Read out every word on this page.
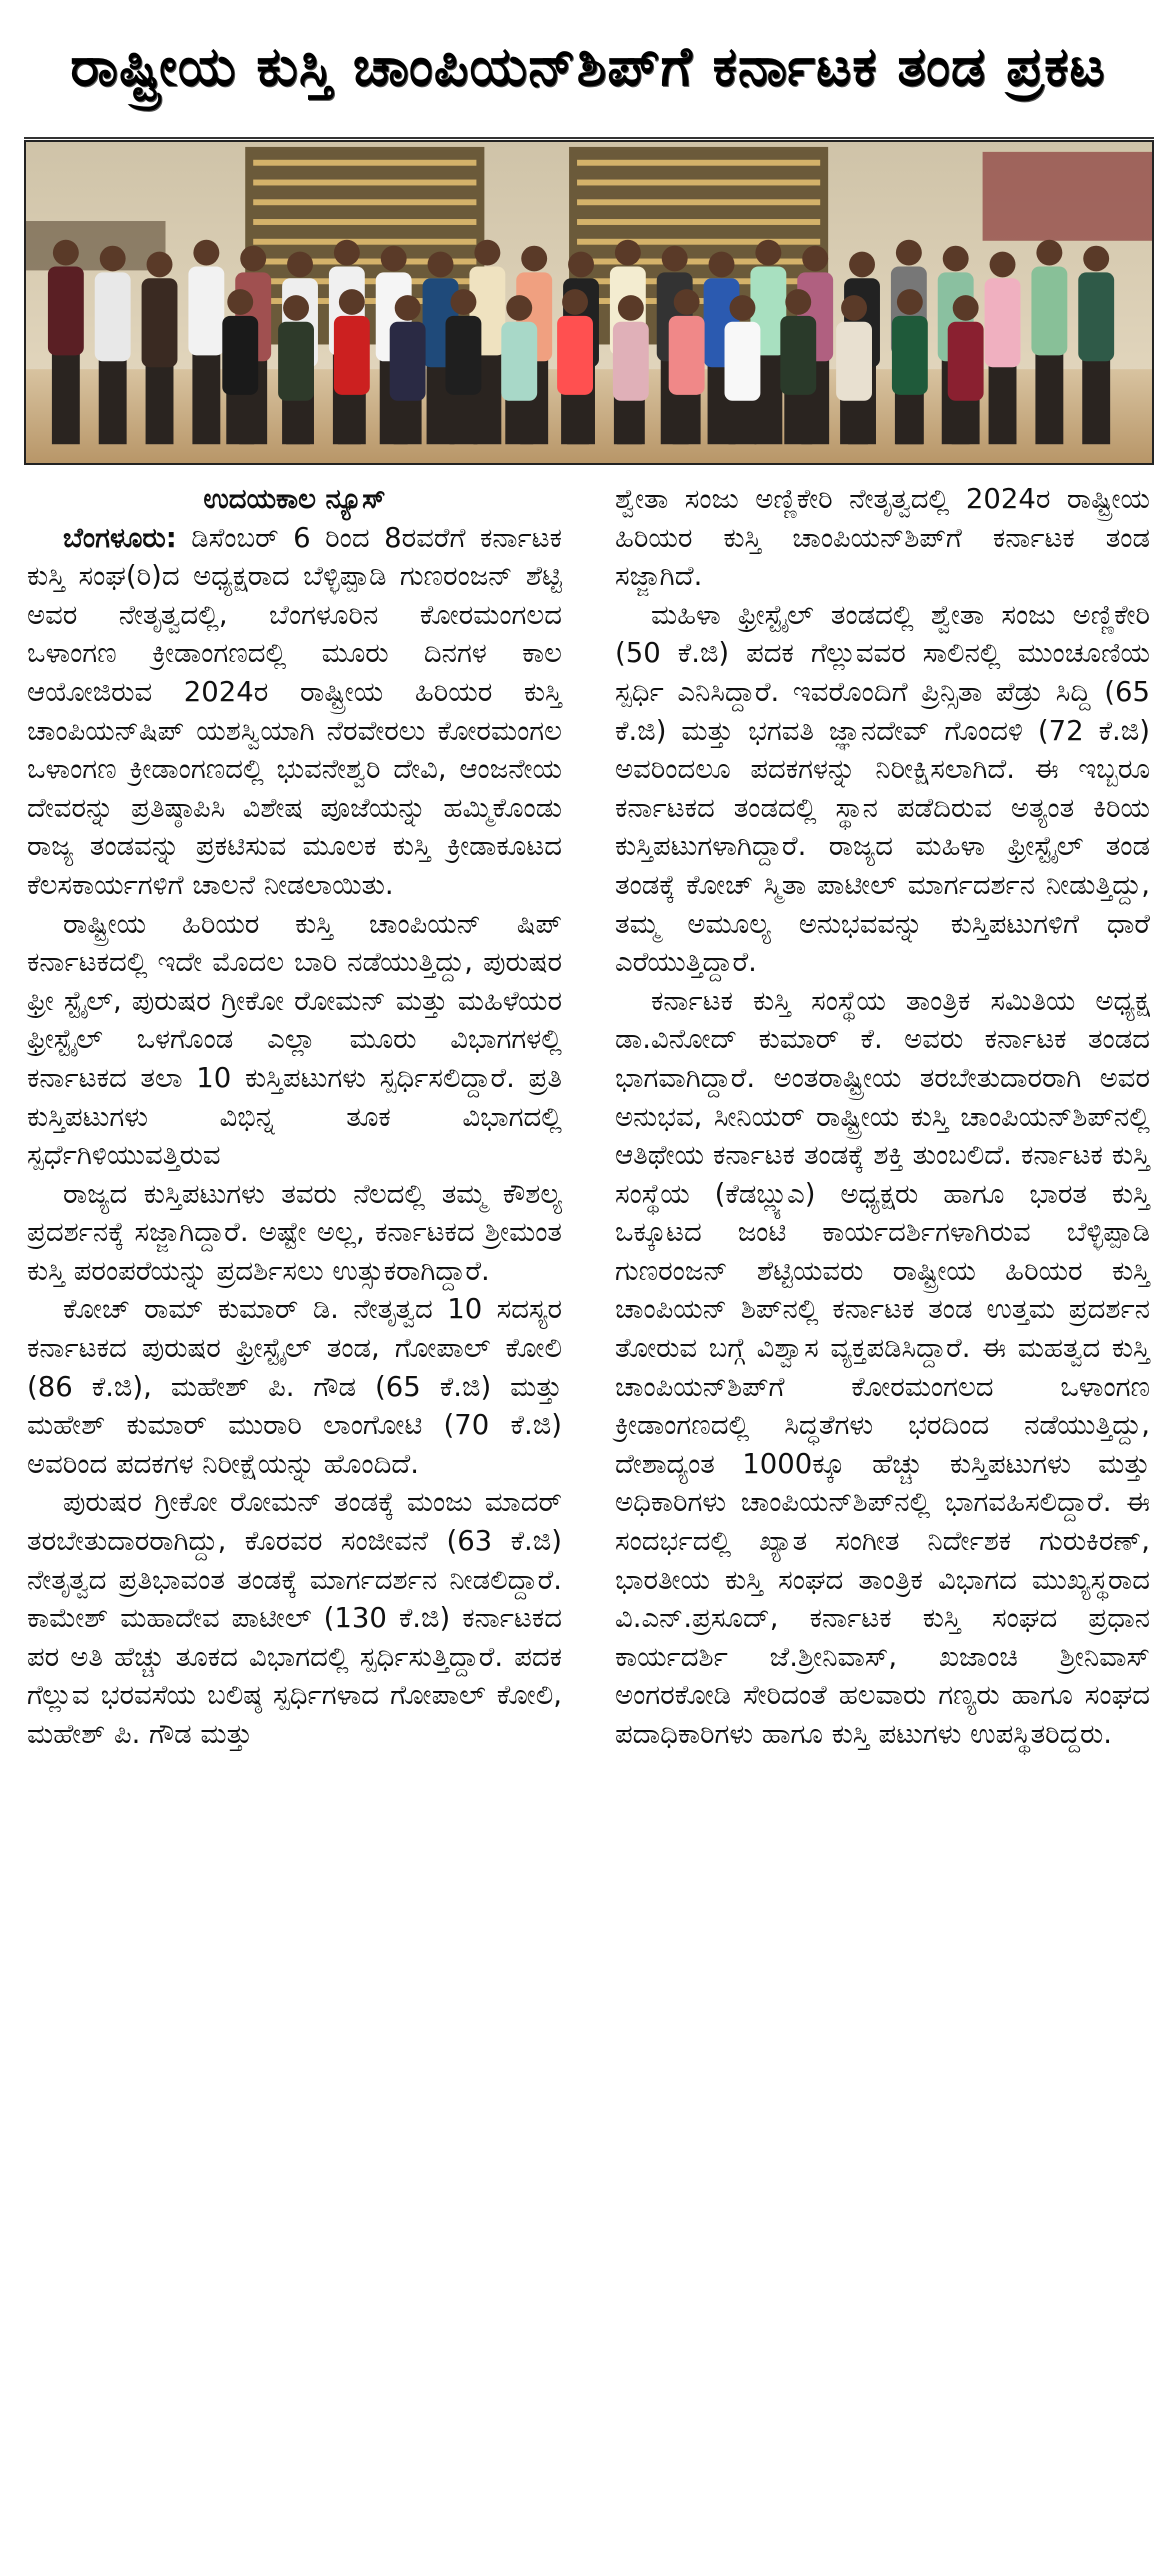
ರಾಷ್ಟ್ರೀಯ ಕುಸ್ತಿ ಚಾಂಪಿಯನ್‌ಶಿಪ್‌ಗೆ ಕರ್ನಾಟಕ ತಂಡ ಪ್ರಕಟ

ಉದಯಕಾಲ ನ್ಯೂಸ್

ಬೆಂಗಳೂರು: ಡಿಸೆಂಬರ್ 6 ರಿಂದ 8ರವರೆಗೆ ಕರ್ನಾಟಕ ಕುಸ್ತಿ ಸಂಘ(ರಿ)ದ ಅಧ್ಯಕ್ಷರಾದ ಬೆಳ್ಳಿಪ್ಪಾಡಿ ಗುಣರಂಜನ್ ಶೆಟ್ಟಿ ಅವರ ನೇತೃತ್ವದಲ್ಲಿ, ಬೆಂಗಳೂರಿನ ಕೋರಮಂಗಲದ ಒಳಾಂಗಣ ಕ್ರೀಡಾಂಗಣದಲ್ಲಿ ಮೂರು ದಿನಗಳ ಕಾಲ ಆಯೋಜಿರುವ 2024ರ ರಾಷ್ಟ್ರೀಯ ಹಿರಿಯರ ಕುಸ್ತಿ ಚಾಂಪಿಯನ್‌ಷಿಪ್ ಯಶಸ್ವಿಯಾಗಿ ನೆರವೇರಲು ಕೋರಮಂಗಲ ಒಳಾಂಗಣ ಕ್ರೀಡಾಂಗಣದಲ್ಲಿ ಭುವನೇಶ್ವರಿ ದೇವಿ, ಆಂಜನೇಯ ದೇವರನ್ನು ಪ್ರತಿಷ್ಠಾಪಿಸಿ ವಿಶೇಷ ಪೂಜೆಯನ್ನು ಹಮ್ಮಿಕೊಂಡು ರಾಜ್ಯ ತಂಡವನ್ನು ಪ್ರಕಟಿಸುವ ಮೂಲಕ ಕುಸ್ತಿ ಕ್ರೀಡಾಕೂಟದ ಕೆಲಸಕಾರ್ಯಗಳಿಗೆ ಚಾಲನೆ ನೀಡಲಾಯಿತು.

ರಾಷ್ಟ್ರೀಯ ಹಿರಿಯರ ಕುಸ್ತಿ ಚಾಂಪಿಯನ್ ಷಿಪ್ ಕರ್ನಾಟಕದಲ್ಲಿ ಇದೇ ಮೊದಲ ಬಾರಿ ನಡೆಯುತ್ತಿದ್ದು, ಪುರುಷರ ಫ್ರೀ ಸ್ಟೈಲ್, ಪುರುಷರ ಗ್ರೀಕೋ ರೋಮನ್ ಮತ್ತು ಮಹಿಳೆಯರ ಫ್ರೀಸ್ಟೈಲ್ ಒಳಗೊಂಡ ಎಲ್ಲಾ ಮೂರು ವಿಭಾಗಗಳಲ್ಲಿ ಕರ್ನಾಟಕದ ತಲಾ 10 ಕುಸ್ತಿಪಟುಗಳು ಸ್ಪರ್ಧಿಸಲಿದ್ದಾರೆ. ಪ್ರತಿ ಕುಸ್ತಿಪಟುಗಳು ವಿಭಿನ್ನ ತೂಕ ವಿಭಾಗದಲ್ಲಿ ಸ್ಪರ್ಧೆಗಿಳಿಯುವತ್ತಿರುವ

ರಾಜ್ಯದ ಕುಸ್ತಿಪಟುಗಳು ತವರು ನೆಲದಲ್ಲಿ ತಮ್ಮ ಕೌಶಲ್ಯ ಪ್ರದರ್ಶನಕ್ಕೆ ಸಜ್ಜಾಗಿದ್ದಾರೆ. ಅಷ್ಟೇ ಅಲ್ಲ, ಕರ್ನಾಟಕದ ಶ್ರೀಮಂತ ಕುಸ್ತಿ ಪರಂಪರೆಯನ್ನು ಪ್ರದರ್ಶಿಸಲು ಉತ್ಸುಕರಾಗಿದ್ದಾರೆ.

ಕೋಚ್ ರಾಮ್ ಕುಮಾರ್ ಡಿ. ನೇತೃತ್ವದ 10 ಸದಸ್ಯರ ಕರ್ನಾಟಕದ ಪುರುಷರ ಫ್ರೀಸ್ಟೈಲ್ ತಂಡ, ಗೋಪಾಲ್ ಕೋಲಿ (86 ಕೆ.ಜಿ), ಮಹೇಶ್ ಪಿ. ಗೌಡ (65 ಕೆ.ಜಿ) ಮತ್ತು ಮಹೇಶ್ ಕುಮಾರ್ ಮುರಾರಿ ಲಾಂಗೋಟಿ (70 ಕೆ.ಜಿ) ಅವರಿಂದ ಪದಕಗಳ ನಿರೀಕ್ಷೆಯನ್ನು ಹೊಂದಿದೆ.

ಪುರುಷರ ಗ್ರೀಕೋ ರೋಮನ್ ತಂಡಕ್ಕೆ ಮಂಜು ಮಾದರ್ ತರಬೇತುದಾರರಾಗಿದ್ದು, ಕೊರವರ ಸಂಜೀವನೆ (63 ಕೆ.ಜಿ) ನೇತೃತ್ವದ ಪ್ರತಿಭಾವಂತ ತಂಡಕ್ಕೆ ಮಾರ್ಗದರ್ಶನ ನೀಡಲಿದ್ದಾರೆ. ಕಾಮೇಶ್ ಮಹಾದೇವ ಪಾಟೀಲ್ (130 ಕೆ.ಜಿ) ಕರ್ನಾಟಕದ ಪರ ಅತಿ ಹೆಚ್ಚು ತೂಕದ ವಿಭಾಗದಲ್ಲಿ ಸ್ಪರ್ಧಿಸುತ್ತಿದ್ದಾರೆ. ಪದಕ ಗೆಲ್ಲುವ ಭರವಸೆಯ ಬಲಿಷ್ಠ ಸ್ಪರ್ಧಿಗಳಾದ ಗೋಪಾಲ್ ಕೋಲಿ, ಮಹೇಶ್ ಪಿ. ಗೌಡ ಮತ್ತು

ಶ್ವೇತಾ ಸಂಜು ಅಣ್ಣಿಕೇರಿ ನೇತೃತ್ವದಲ್ಲಿ 2024ರ ರಾಷ್ಟ್ರೀಯ ಹಿರಿಯರ ಕುಸ್ತಿ ಚಾಂಪಿಯನ್‌ಶಿಪ್‌ಗೆ ಕರ್ನಾಟಕ ತಂಡ ಸಜ್ಜಾಗಿದೆ.

ಮಹಿಳಾ ಫ್ರೀಸ್ಟೈಲ್ ತಂಡದಲ್ಲಿ ಶ್ವೇತಾ ಸಂಜು ಅಣ್ಣಿಕೇರಿ (50 ಕೆ.ಜಿ) ಪದಕ ಗೆಲ್ಲುವವರ ಸಾಲಿನಲ್ಲಿ ಮುಂಚೂಣಿಯ ಸ್ಪರ್ಧಿ ಎನಿಸಿದ್ದಾರೆ. ಇವರೊಂದಿಗೆ ಪ್ರಿನ್ಸಿತಾ ಪೆಡ್ರು ಸಿದ್ದಿ (65 ಕೆ.ಜಿ) ಮತ್ತು ಭಗವತಿ ಜ್ಞಾನದೇವ್ ಗೊಂದಳಿ (72 ಕೆ.ಜಿ) ಅವರಿಂದಲೂ ಪದಕಗಳನ್ನು ನಿರೀಕ್ಷಿಸಲಾಗಿದೆ. ಈ ಇಬ್ಬರೂ ಕರ್ನಾಟಕದ ತಂಡದಲ್ಲಿ ಸ್ಥಾನ ಪಡೆದಿರುವ ಅತ್ಯಂತ ಕಿರಿಯ ಕುಸ್ತಿಪಟುಗಳಾಗಿದ್ದಾರೆ. ರಾಜ್ಯದ ಮಹಿಳಾ ಫ್ರೀಸ್ಟೈಲ್ ತಂಡ ತಂಡಕ್ಕೆ ಕೋಚ್ ಸ್ಮಿತಾ ಪಾಟೀಲ್ ಮಾರ್ಗದರ್ಶನ ನೀಡುತ್ತಿದ್ದು, ತಮ್ಮ ಅಮೂಲ್ಯ ಅನುಭವವನ್ನು ಕುಸ್ತಿಪಟುಗಳಿಗೆ ಧಾರೆ ಎರೆಯುತ್ತಿದ್ದಾರೆ.

ಕರ್ನಾಟಕ ಕುಸ್ತಿ ಸಂಸ್ಥೆಯ ತಾಂತ್ರಿಕ ಸಮಿತಿಯ ಅಧ್ಯಕ್ಷ ಡಾ.ವಿನೋದ್ ಕುಮಾರ್ ಕೆ. ಅವರು ಕರ್ನಾಟಕ ತಂಡದ ಭಾಗವಾಗಿದ್ದಾರೆ. ಅಂತರಾಷ್ಟ್ರೀಯ ತರಬೇತುದಾರರಾಗಿ ಅವರ ಅನುಭವ, ಸೀನಿಯರ್ ರಾಷ್ಟ್ರೀಯ ಕುಸ್ತಿ ಚಾಂಪಿಯನ್‌ಶಿಪ್‌ನಲ್ಲಿ ಆತಿಥೇಯ ಕರ್ನಾಟಕ ತಂಡಕ್ಕೆ ಶಕ್ತಿ ತುಂಬಲಿದೆ. ಕರ್ನಾಟಕ ಕುಸ್ತಿ ಸಂಸ್ಥೆಯ (ಕೆಡಬ್ಲ್ಯುಎ) ಅಧ್ಯಕ್ಷರು ಹಾಗೂ ಭಾರತ ಕುಸ್ತಿ ಒಕ್ಕೂಟದ ಜಂಟಿ ಕಾರ್ಯದರ್ಶಿಗಳಾಗಿರುವ ಬೆಳ್ಳಿಪ್ಪಾಡಿ ಗುಣರಂಜನ್ ಶೆಟ್ಟಿಯವರು ರಾಷ್ಟ್ರೀಯ ಹಿರಿಯರ ಕುಸ್ತಿ ಚಾಂಪಿಯನ್ ಶಿಪ್‌ನಲ್ಲಿ ಕರ್ನಾಟಕ ತಂಡ ಉತ್ತಮ ಪ್ರದರ್ಶನ ತೋರುವ ಬಗ್ಗೆ ವಿಶ್ವಾಸ ವ್ಯಕ್ತಪಡಿಸಿದ್ದಾರೆ. ಈ ಮಹತ್ವದ ಕುಸ್ತಿ ಚಾಂಪಿಯನ್‌ಶಿಪ್‌ಗೆ ಕೋರಮಂಗಲದ ಒಳಾಂಗಣ ಕ್ರೀಡಾಂಗಣದಲ್ಲಿ ಸಿದ್ಧತೆಗಳು ಭರದಿಂದ ನಡೆಯುತ್ತಿದ್ದು, ದೇಶಾದ್ಯಂತ 1000ಕ್ಕೂ ಹೆಚ್ಚು ಕುಸ್ತಿಪಟುಗಳು ಮತ್ತು ಅಧಿಕಾರಿಗಳು ಚಾಂಪಿಯನ್‌ಶಿಪ್‌ನಲ್ಲಿ ಭಾಗವಹಿಸಲಿದ್ದಾರೆ. ಈ ಸಂದರ್ಭದಲ್ಲಿ ಖ್ಯಾತ ಸಂಗೀತ ನಿರ್ದೇಶಕ ಗುರುಕಿರಣ್, ಭಾರತೀಯ ಕುಸ್ತಿ ಸಂಘದ ತಾಂತ್ರಿಕ ವಿಭಾಗದ ಮುಖ್ಯಸ್ಥರಾದ ವಿ.ಎನ್.ಪ್ರಸೂದ್, ಕರ್ನಾಟಕ ಕುಸ್ತಿ ಸಂಘದ ಪ್ರಧಾನ ಕಾರ್ಯದರ್ಶಿ ಜೆ.ಶ್ರೀನಿವಾಸ್, ಖಜಾಂಚಿ ಶ್ರೀನಿವಾಸ್ ಅಂಗರಕೋಡಿ ಸೇರಿದಂತೆ ಹಲವಾರು ಗಣ್ಯರು ಹಾಗೂ ಸಂಘದ ಪದಾಧಿಕಾರಿಗಳು ಹಾಗೂ ಕುಸ್ತಿ ಪಟುಗಳು ಉಪಸ್ಥಿತರಿದ್ದರು.
